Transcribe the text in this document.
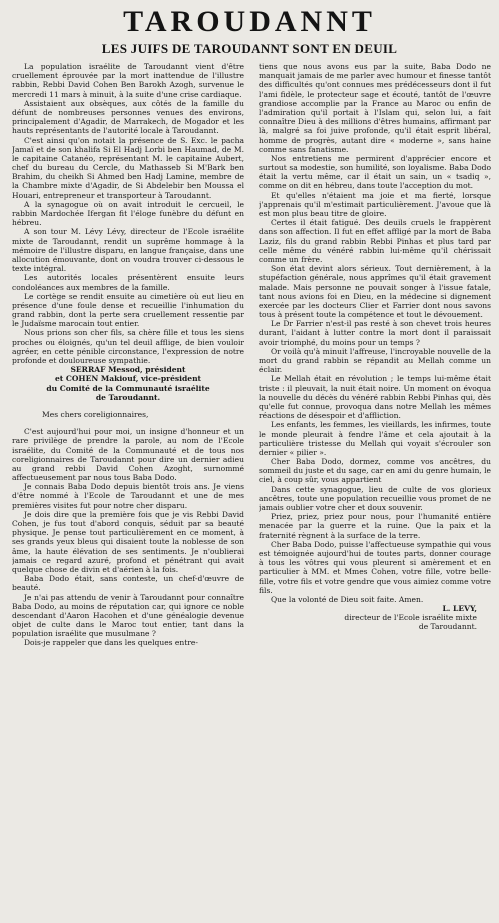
TAROUDANNT
LES JUIFS DE TAROUDANNT SONT EN DEUIL

La population israélite de Taroudannt vient d'être cruellement éprouvée par la mort inattendue de l'illustre rabbin, Rebbi David Cohen Ben Barokh Azogh, survenue le mercredi 11 mars à minuit, à la suite d'une crise cardiaque.

Assistaient aux obsèques, aux côtés de la famille du défunt de nombreuses personnes venues des environs, principalement d'Agadir, de Marrakech, de Mogador et les hauts représentants de l'autorité locale à Taroudannt.

C'est ainsi qu'on notait la présence de S. Exc. le pacha Jamaï et de son khalifa Si El Hadj Lorbi ben Haumad, de M. le capitaine Catanéo, représentant M. le capitaine Aubert, chef du bureau du Cercle, du Mathasseb Si M'Bark ben Brahim, du cheikh Si Ahmed ben Hadj Lamine, membre de la Chambre mixte d'Agadir, de Si Abdelebir ben Moussa el Houari, entrepreneur et transporteur à Taroudannt.

A la synagogue où on avait introduit le cercueil, le rabbin Mardochée Ifergan fit l'éloge funèbre du défunt en hébreu.

A son tour M. Lévy Lévy, directeur de l'Ecole israélite mixte de Taroudannt, rendit un suprême hommage à la mémoire de l'illustre disparu, en langue française, dans une allocution émouvante, dont on voudra trouver ci-dessous le texte intégral.

Les autorités locales présentèrent ensuite leurs condoléances aux membres de la famille.

Le cortège se rendit ensuite au cimetière où eut lieu en présence d'une foule dense et recueillie l'inhumation du grand rabbin, dont la perte sera cruellement ressentie par le Judaïsme marocain tout entier.

Nous prions son cher fils, sa chère fille et tous les siens proches ou éloignés, qu'un tel deuil afflige, de bien vouloir agréer, en cette pénible circonstance, l'expression de notre profonde et douloureuse sympathie.

SERRAF Messod, président

et COHEN Makiouf, vice-président

du Comité de la Communauté israélite

de Taroudannt.

Mes chers coreligionnaires,

C'est aujourd'hui pour moi, un insigne d'honneur et un rare privilège de prendre la parole, au nom de l'Ecole israélite, du Comité de la Communauté et de tous nos coreligionnaires de Taroudannt pour dire un dernier adieu au grand rebbi David Cohen Azoght, surnommé affectueusement par nous tous Baba Dodo.

Je connais Baba Dodo depuis bientôt trois ans. Je viens d'être nommé à l'Ecole de Taroudannt et une de mes premières visites fut pour notre cher disparu.

Je dois dire que la première fois que je vis Rebbi David Cohen, je fus tout d'abord conquis, séduit par sa beauté physique. Je pense tout particulièrement en ce moment, à ses grands yeux bleus qui disaient toute la noblesse de son âme, la haute élévation de ses sentiments. Je n'oublierai jamais ce regard azuré, profond et pénétrant qui avait quelque chose de divin et d'aérien à la fois.

Baba Dodo était, sans conteste, un chef-d'œuvre de beauté.

Je n'ai pas attendu de venir à Taroudannt pour connaître Baba Dodo, au moins de réputation car, qui ignore ce noble descendant d'Aaron Hacohen et d'une généalogie devenue objet de culte dans le Maroc tout entier, tant dans la population israélite que musulmane ?

Dois-je rappeler que dans les quelques entre-

tiens que nous avons eus par la suite, Baba Dodo ne manquait jamais de me parler avec humour et finesse tantôt des difficultés qu'ont connues mes prédécesseurs dont il fut l'ami fidèle, le protecteur sage et écouté, tantôt de l'œuvre grandiose accomplie par la France au Maroc ou enfin de l'admiration qu'il portait à l'Islam qui, selon lui, a fait connaître Dieu à des millions d'êtres humains, affirmant par là, malgré sa foi juive profonde, qu'il était esprit libéral, homme de progrès, autant dire « moderne », sans haine comme sans fanatisme.

Nos entretiens me permirent d'apprécier encore et surtout sa modestie, son humilité, son loyalisme. Baba Dodo était la vertu même, car il était un sain, un « tsadiq », comme on dit en hébreu, dans toute l'acception du mot.

Et qu'elles n'étaient ma joie et ma fierté, lorsque j'apprenais qu'il m'estimait particulièrement. J'avoue que là est mon plus beau titre de gloire.

Certes il était fatigué. Des deuils cruels le frappèrent dans son affection. Il fut en effet affligé par la mort de Baba Laziz, fils du grand rabbin Rebbi Pinhas et plus tard par celle même du vénéré rabbin lui-même qu'il chérissait comme un frère.

Son état devint alors sérieux. Tout dernièrement, à la stupéfaction générale, nous apprîmes qu'il était gravement malade. Mais personne ne pouvait songer à l'issue fatale, tant nous avions foi en Dieu, en la médecine si dignement exercée par les docteurs Clier et Farrier dont nous savons tous à présent toute la compétence et tout le dévouement.

Le Dr Farrier n'est-il pas resté à son chevet trois heures durant, l'aidant à lutter contre la mort dont il paraissait avoir triomphé, du moins pour un temps ?

Or voilà qu'à minuit l'affreuse, l'incroyable nouvelle de la mort du grand rabbin se répandit au Mellah comme un éclair.

Le Mellah était en révolution ; le temps lui-même était triste : il pleuvait, la nuit était noire. Un moment on évoqua la nouvelle du décès du vénéré rabbin Rebbi Pinhas qui, dès qu'elle fut connue, provoqua dans notre Mellah les mêmes réactions de désespoir et d'affliction.

Les enfants, les femmes, les vieillards, les infirmes, toute le monde pleurait à fendre l'âme et cela ajoutait à la particulière tristesse du Mellah qui voyait s'écrouler son dernier « pilier ».

Cher Baba Dodo, dormez, comme vos ancêtres, du sommeil du juste et du sage, car en ami du genre humain, le ciel, à coup sûr, vous appartient

Dans cette synagogue, lieu de culte de vos glorieux ancêtres, toute une population recueillie vous promet de ne jamais oublier votre cher et doux souvenir.

Priez, priez, priez pour nous, pour l'humanité entière menacée par la guerre et la ruine. Que la paix et la fraternité règnent à la surface de la terre.

Cher Baba Dodo, puisse l'affectueuse sympathie qui vous est témoignée aujourd'hui de toutes parts, donner courage à tous les vôtres qui vous pleurent si amèrement et en particulier à MM. et Mmes Cohen, votre fille, votre belle-fille, votre fils et votre gendre que vous aimiez comme votre fils.

Que la volonté de Dieu soit faite. Amen.

L. LEVY,

directeur de l'Ecole israélite mixte

de Taroudannt.
